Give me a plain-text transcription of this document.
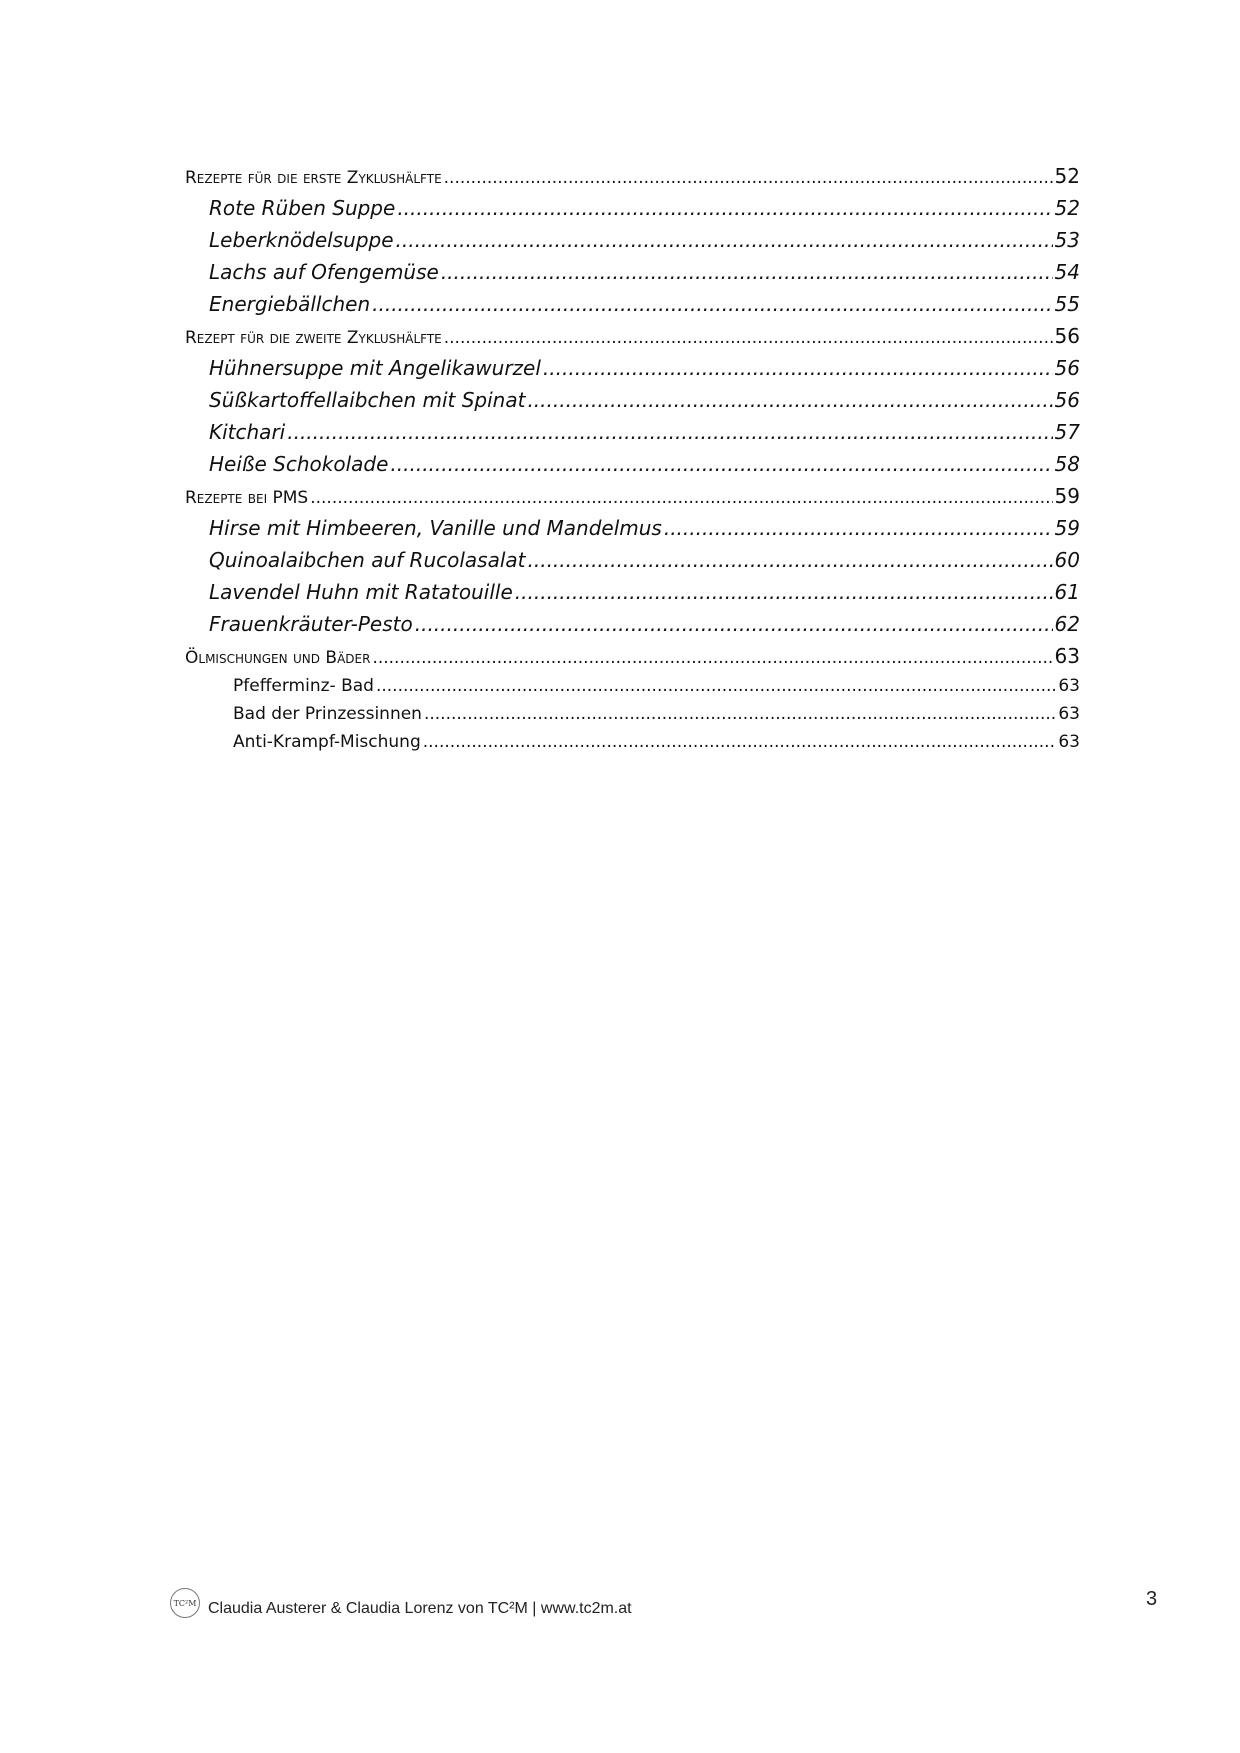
Rezepte für die erste Zyklushälfte .....	52
Rote Rüben Suppe .....	52
Leberknödelsuppe .....	53
Lachs auf Ofengemüse .....	54
Energiebällchen .....	55
Rezept für die zweite Zyklushälfte .....	56
Hühnersuppe mit Angelikawurzel .....	56
Süßkartoffellaibchen mit Spinat .....	56
Kitchari .....	57
Heiße Schokolade .....	58
Rezepte bei PMS .....	59
Hirse mit Himbeeren, Vanille und Mandelmus .....	59
Quinoalaibchen auf Rucolasalat .....	60
Lavendel Huhn mit Ratatouille .....	61
Frauenkräuter-Pesto .....	62
Ölmischungen und Bäder .....	63
Pfefferminz- Bad .....	63
Bad der Prinzessinnen .....	63
Anti-Krampf-Mischung .....	63
TC²M Claudia Austerer & Claudia Lorenz von TC²M | www.tc2m.at	3
